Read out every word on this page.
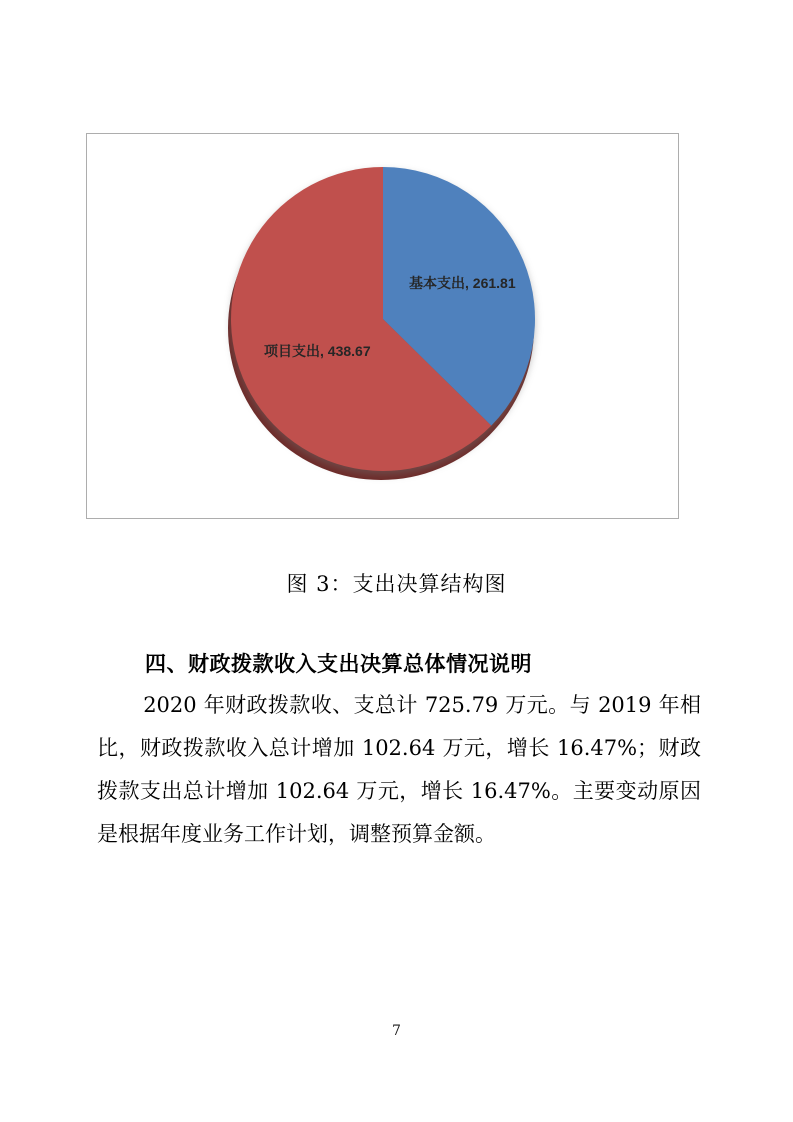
基本支出, 261.81
项目支出, 438.67
图 3：支出决算结构图
四、财政拨款收入支出决算总体情况说明
2020 年财政拨款收、支总计 725.79 万元。与 2019 年相比，财政拨款收入总计增加 102.64 万元，增长 16.47%；财政拨款支出总计增加 102.64 万元，增长 16.47%。主要变动原因是根据年度业务工作计划，调整预算金额。
7
